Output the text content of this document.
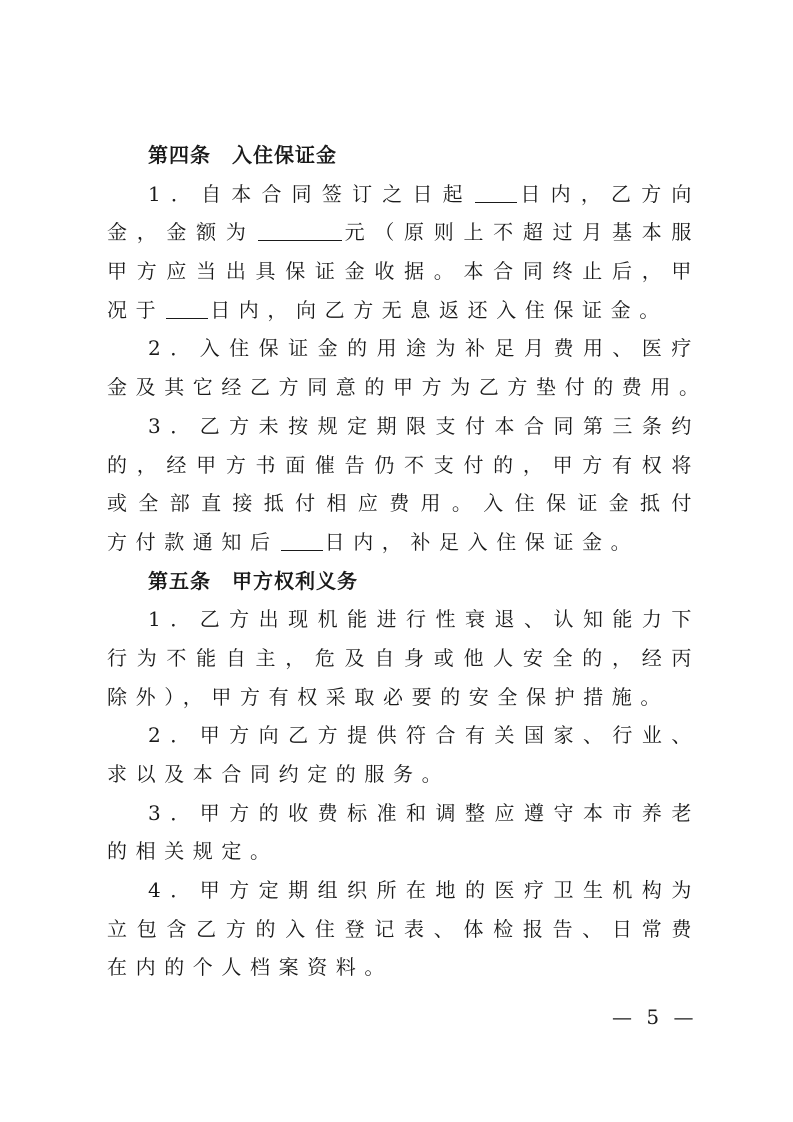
第四条　入住保证金
1．自本合同签订之日起 日内，乙方向
金，金额为	元（原则上不超过月基本服
甲方应当出具保证金收据。本合同终止后，甲
况于 日内，向乙方无息返还入住保证金。
2．入住保证金的用途为补足月费用、医疗
金及其它经乙方同意的甲方为乙方垫付的费用。
3．乙方未按规定期限支付本合同第三条约
的，经甲方书面催告仍不支付的，甲方有权将
或全部直接抵付相应费用。入住保证金抵付
方付款通知后 日内，补足入住保证金。
第五条　甲方权利义务
1．乙方出现机能进行性衰退、认知能力下
行为不能自主，危及自身或他人安全的，经丙
除外），甲方有权采取必要的安全保护措施。
2．甲方向乙方提供符合有关国家、行业、
求以及本合同约定的服务。
3．甲方的收费标准和调整应遵守本市养老
的相关规定。
4．甲方定期组织所在地的医疗卫生机构为
立包含乙方的入住登记表、体检报告、日常费
在内的个人档案资料。
— 5 —
